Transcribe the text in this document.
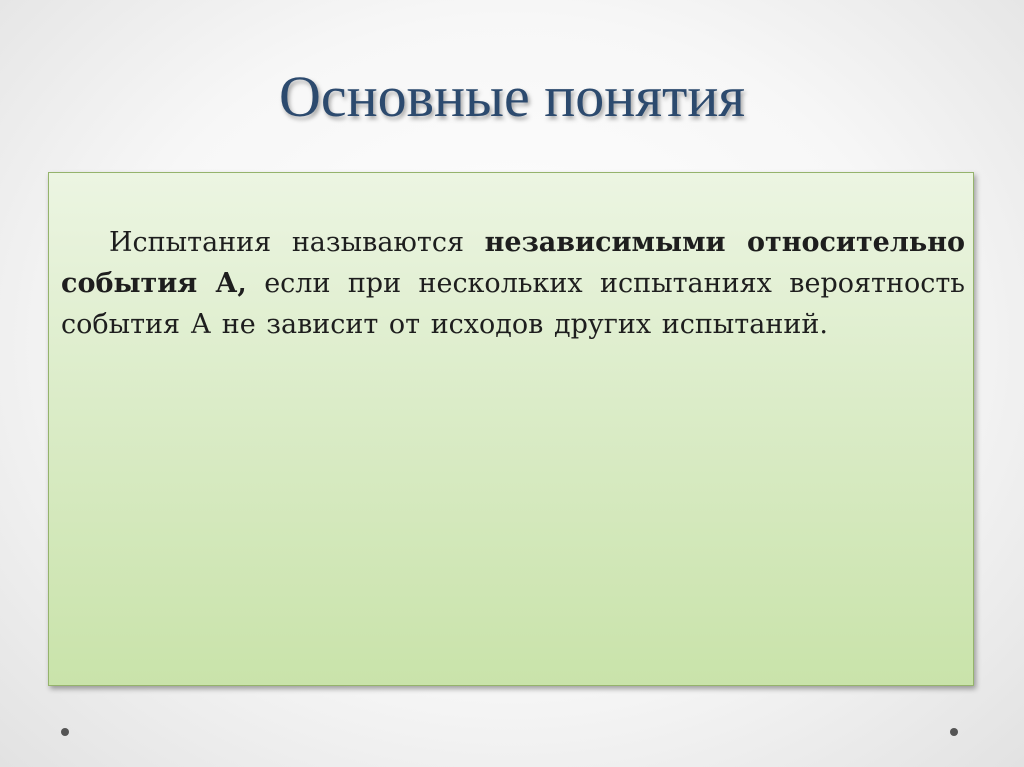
Основные понятия

Испытания называются независимыми относительно события А, если при нескольких испытаниях вероятность события А не зависит от исходов других испытаний.
